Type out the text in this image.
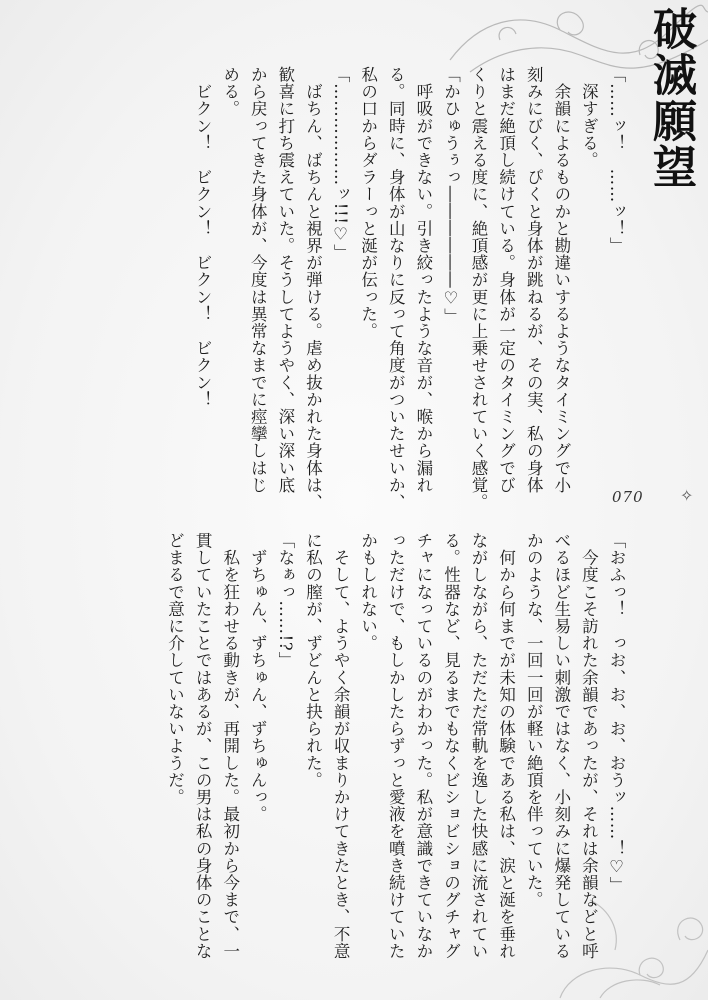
破滅願望
070 ✧
「……ッ！　……ッ！」
　深すぎる。
　余韻によるものかと勘違いするようなタイミングで小
刻みにびく、ぴくと身体が跳ねるが、その実、私の身体
はまだ絶頂し続けている。身体が一定のタイミングでび
くりと震える度に、絶頂感が更に上乗せされていく感覚。
「かひゅうぅっ――――――♡」
　呼吸ができない。引き絞ったような音が、喉から漏れ
る。同時に、身体が山なりに反って角度がついたせいか、
私の口からダラーっと涎が伝った。
「………………ッ!!!♡」
　ばちん、ばちんと視界が弾ける。虐め抜かれた身体は、
歓喜に打ち震えていた。そうしてようやく、深い深い底
から戻ってきた身体が、今度は異常なまでに痙攣しはじ
める。
　ビクン！　ビクン！　ビクン！　ビクン！
「おふっ！　っお、お、お、おうッ……！♡」
　今度こそ訪れた余韻であったが、それは余韻などと呼
べるほど生易しい刺激ではなく、小刻みに爆発している
かのような、一回一回が軽い絶頂を伴っていた。
　何から何までが未知の体験である私は、涙と涎を垂れ
ながしながら、ただただ常軌を逸した快感に流されてい
る。性器など、見るまでもなくビショビショのグチャグ
チャになっているのがわかった。私が意識できていなか
っただけで、もしかしたらずっと愛液を噴き続けていた
かもしれない。
　そして、ようやく余韻が収まりかけてきたとき、不意
に私の膣が、ずどんと抉られた。
「なぁっ……!?」
　ずちゅん、ずちゅん、ずちゅんっ。
　私を狂わせる動きが、再開した。最初から今まで、一
貫していたことではあるが、この男は私の身体のことな
どまるで意に介していないようだ。
